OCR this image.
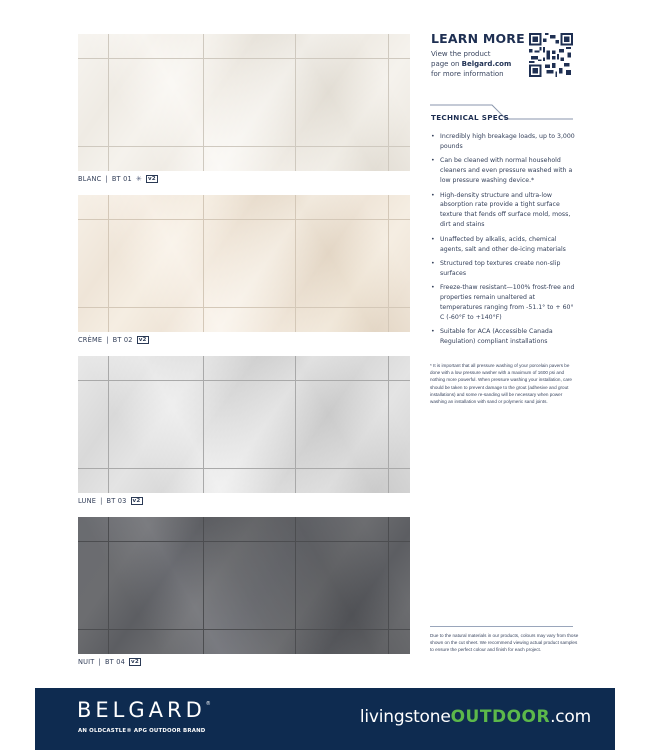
BLANC | BT 01 ✳	v2
CRÈME | BT 02	v2
LUNE | BT 03	v2
NUIT | BT 04	v2
LEARN MORE
View the product
page on Belgard.com
for more information
TECHNICAL SPECS
• Incredibly high breakage loads, up to 3,000 pounds
• Can be cleaned with normal household cleaners and even pressure washed with a low pressure washing device.*
• High-density structure and ultra-low absorption rate provide a tight surface texture that fends off surface mold, moss, dirt and stains
• Unaffected by alkalis, acids, chemical agents, salt and other de-icing materials
• Structured top textures create non-slip surfaces
• Freeze-thaw resistant—100% frost-free and properties remain unaltered at temperatures ranging from -51.1° to + 60° C (-60°F to +140°F)
• Suitable for ACA (Accessible Canada Regulation) compliant installations
* It is important that all pressure washing of your porcelain pavers be done with a low pressure washer with a maximum of 1600 psi and nothing more powerful. When pressure washing your installation, care should be taken to prevent damage to the grout (adhesive and grout installations) and some re-sanding will be necessary when power washing an installation with sand or polymeric sand joints.
Due to the natural materials in our products, colours may vary from those shown on the cut sheet. We recommend viewing actual product samples to ensure the perfect colour and finish for each project.
BELGARD®
AN OLDCASTLE® APG OUTDOOR BRAND
livingstoneOUTDOOR.com
